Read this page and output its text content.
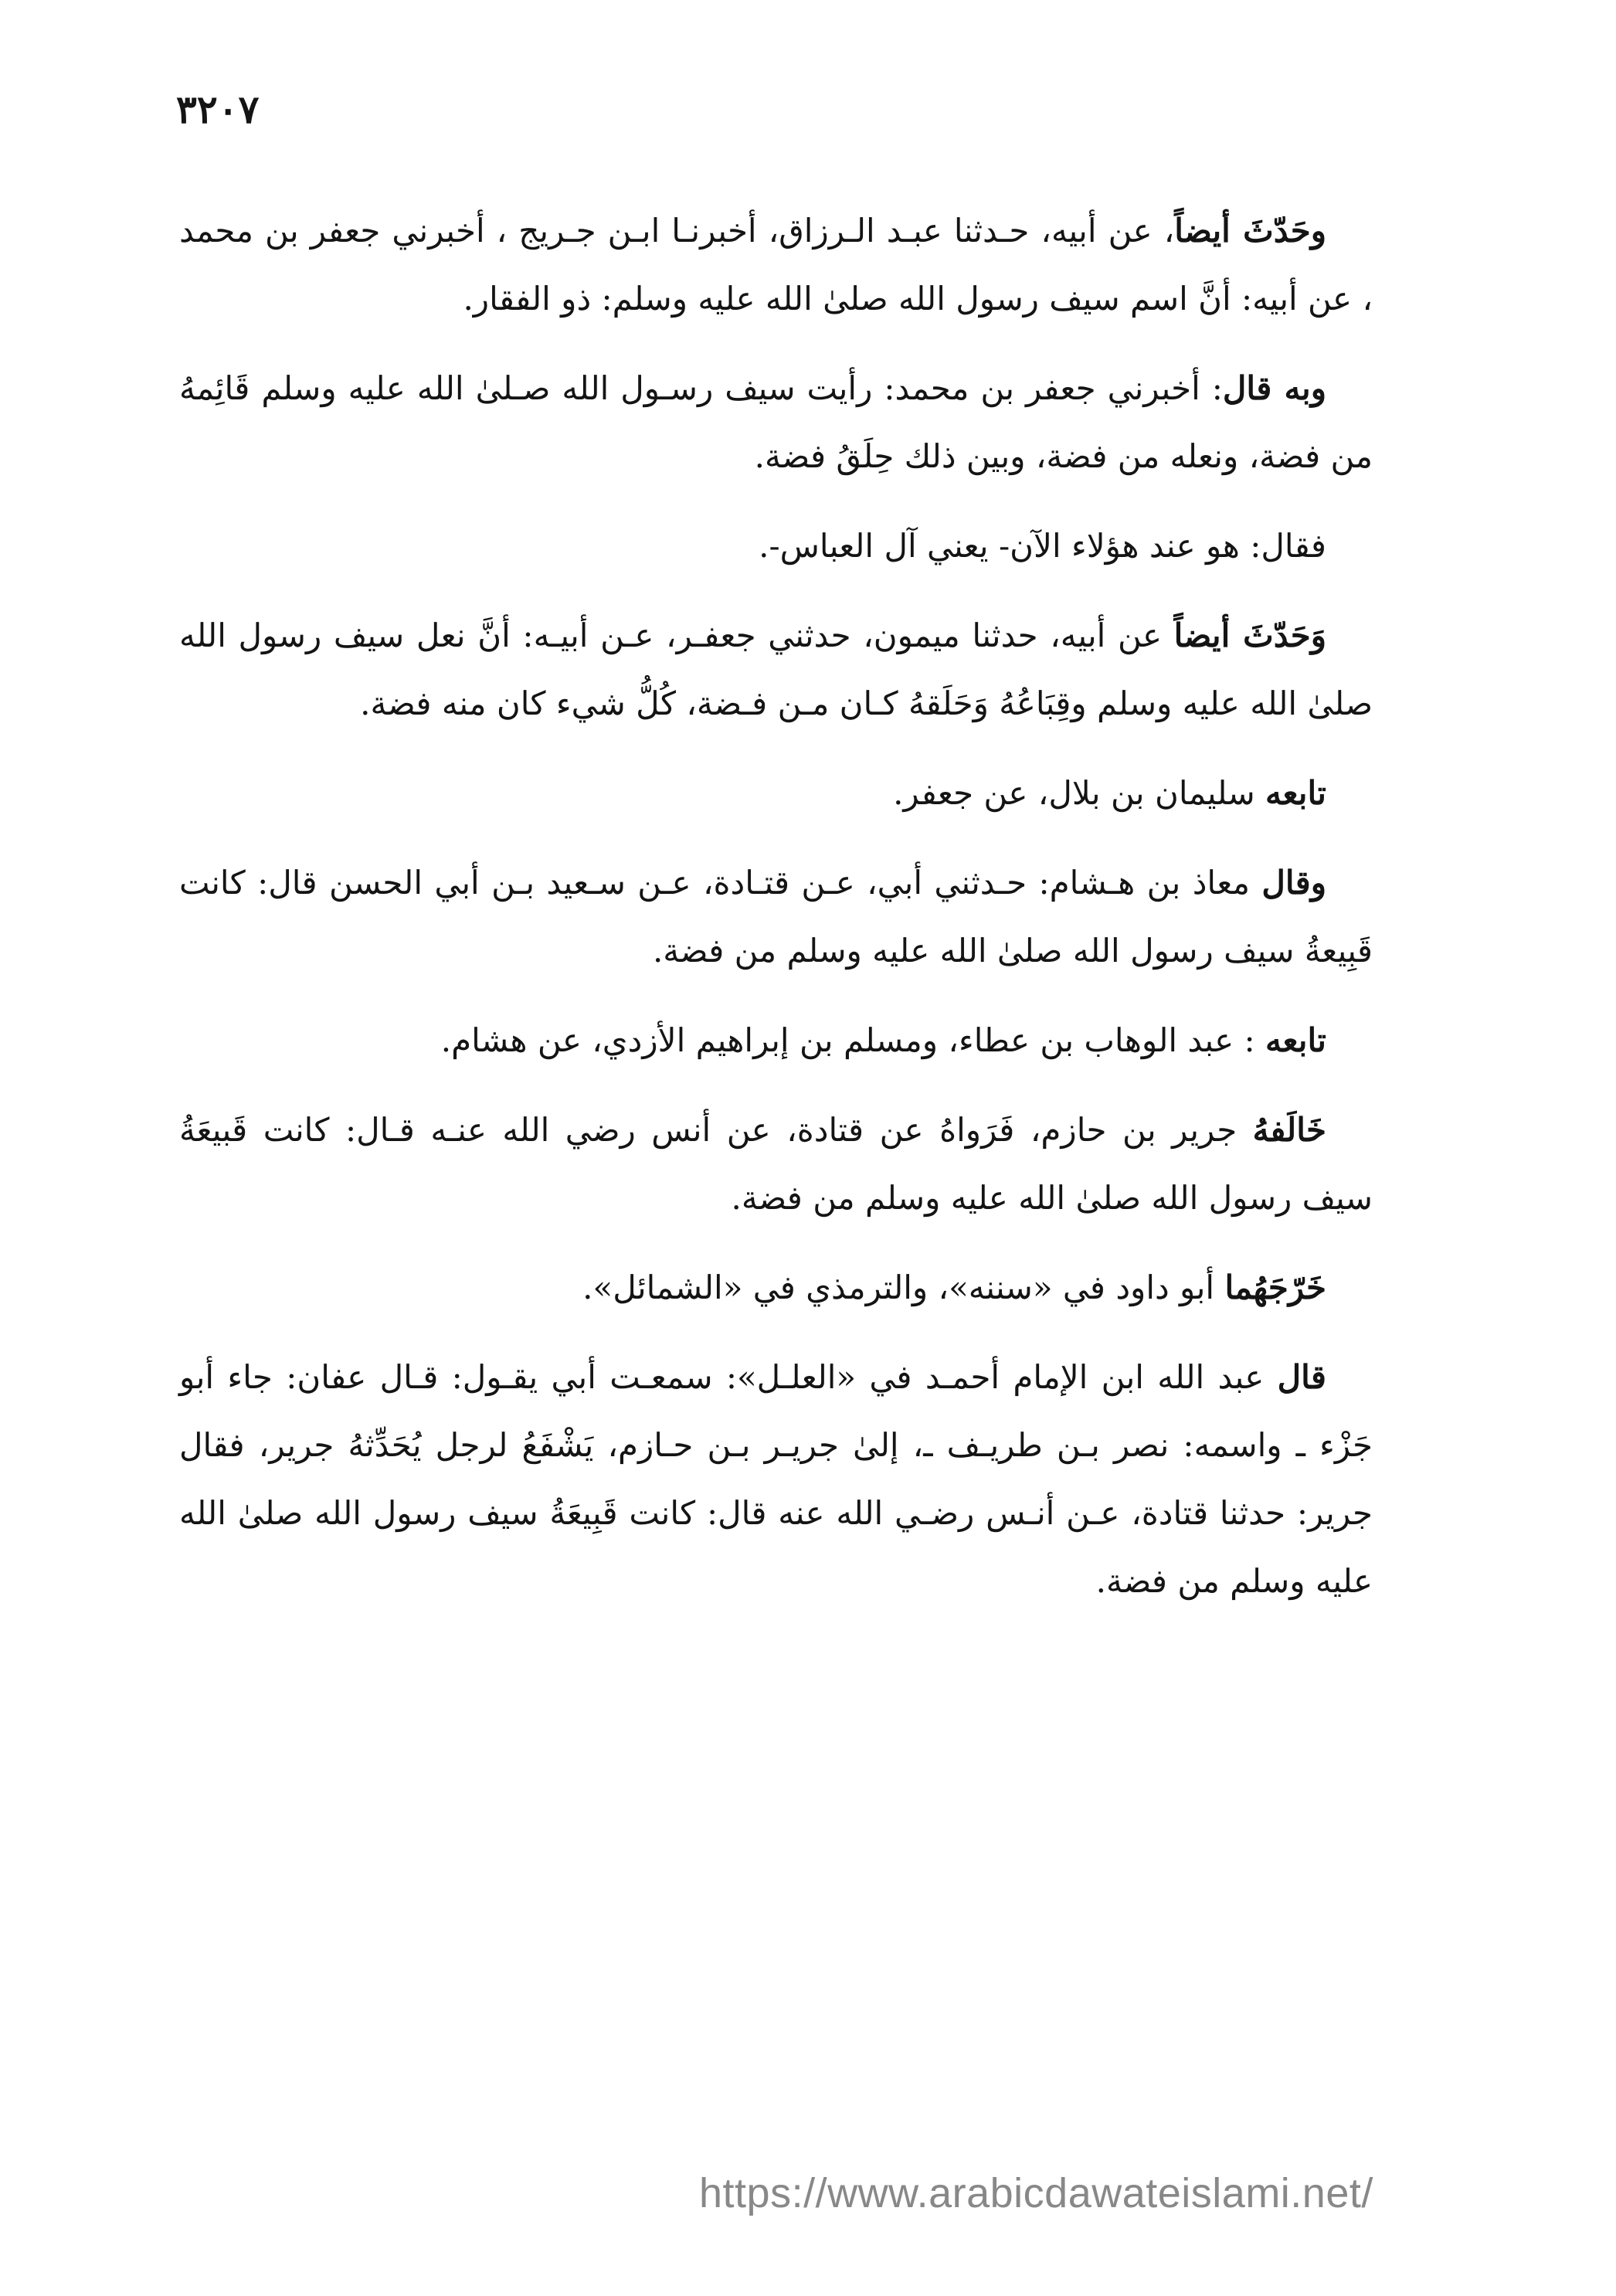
٣٢٠٧

وحَدّثَ أيضاً، عن أبيه، حـدثنا عبـد الـرزاق، أخبرنـا ابـن جـريج ، أخبرني جعفر بن محمد ، عن أبيه: أنَّ اسم سيف رسول الله صلىٰ الله عليه وسلم: ذو الفقار.

وبه قال: أخبرني جعفر بن محمد: رأيت سيف رسـول الله صـلىٰ الله عليه وسلم قَائِمهُ من فضة، ونعله من فضة، وبين ذلك حِلَقُ فضة.

فقال: هو عند هؤلاء الآن- يعني آل العباس-.

وَحَدّثَ أيضاً عن أبيه، حدثنا ميمون، حدثني جعفـر، عـن أبيـه: أنَّ نعل سيف رسول الله صلىٰ الله عليه وسلم وقِبَاعُهُ وَحَلَقهُ كـان مـن فـضة، كُلُّ شيء كان منه فضة.

تابعه سليمان بن بلال، عن جعفر.

وقال معاذ بن هـشام: حـدثني أبي، عـن قتـادة، عـن سـعيد بـن أبي الحسن قال: كانت قَبِيعةُ سيف رسول الله صلىٰ الله عليه وسلم من فضة.

تابعه : عبد الوهاب بن عطاء، ومسلم بن إبراهيم الأزدي، عن هشام.

خَالَفهُ جرير بن حازم، فَرَواهُ عن قتادة، عن أنس رضي الله عنـه قـال: كانت قَبيعَةُ سيف رسول الله صلىٰ الله عليه وسلم من فضة.

خَرّجَهُما أبو داود في «سننه»، والترمذي في «الشمائل».

قال عبد الله ابن الإمام أحمـد في «العلـل»: سمعـت أبي يقـول: قـال عفان: جاء أبو جَزْء ـ واسمه: نصر بـن طريـف ـ، إلىٰ جريـر بـن حـازم، يَشْفَعُ لرجل يُحَدِّثهُ جرير، فقال جرير: حدثنا قتادة، عـن أنـس رضـي الله عنه قال: كانت قَبِيعَةُ سيف رسول الله صلىٰ الله عليه وسلم من فضة.

https://www.arabicdawateislami.net/
